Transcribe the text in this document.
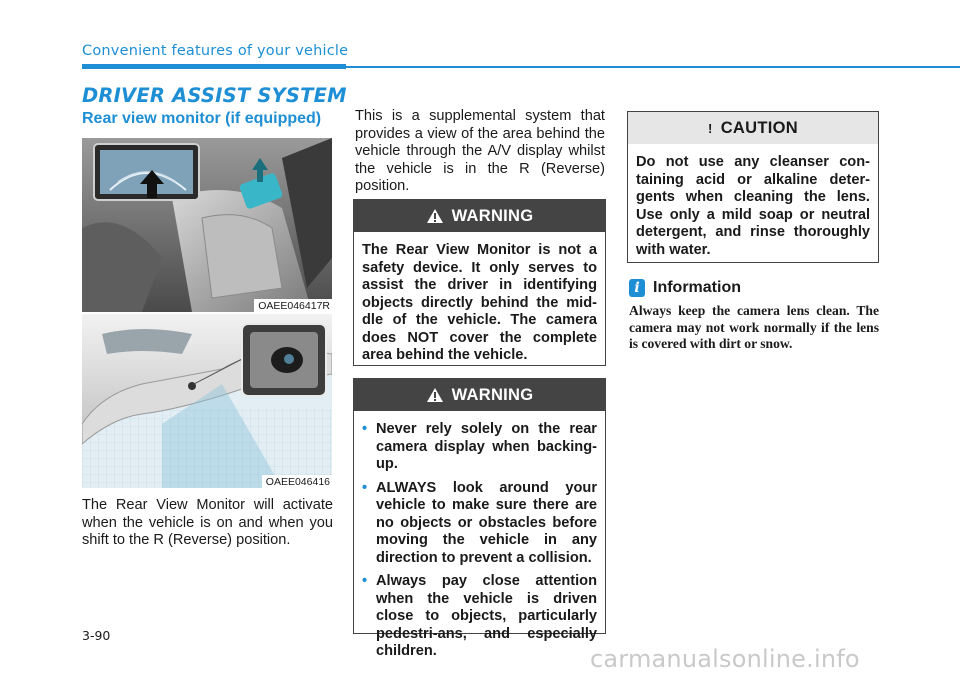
Convenient features of your vehicle
DRIVER ASSIST SYSTEM
Rear view monitor (if equipped)
OAEE046417R
OAEE046416

The Rear View Monitor will activate when the vehicle is on and when you shift to the R (Reverse) position.

This is a supplemental system that provides a view of the area behind the vehicle through the A/V display whilst the vehicle is in the R (Reverse) position.

WARNING
The Rear View Monitor is not a safety device. It only serves to assist the driver in identifying objects directly behind the mid-dle of the vehicle. The camera does NOT cover the complete area behind the vehicle.
WARNING
• Never rely solely on the rear camera display when backing-up.
• ALWAYS look around your vehicle to make sure there are no objects or obstacles before moving the vehicle in any direction to prevent a collision.
• Always pay close attention when the vehicle is driven close to objects, particularly pedestri-ans, and especially children.
! CAUTION
Do not use any cleanser con-taining acid or alkaline deter-gents when cleaning the lens. Use only a mild soap or neutral detergent, and rinse thoroughly with water.
i Information

Always keep the camera lens clean. The camera may not work normally if the lens is covered with dirt or snow.

3-90
carmanualsonline.info
